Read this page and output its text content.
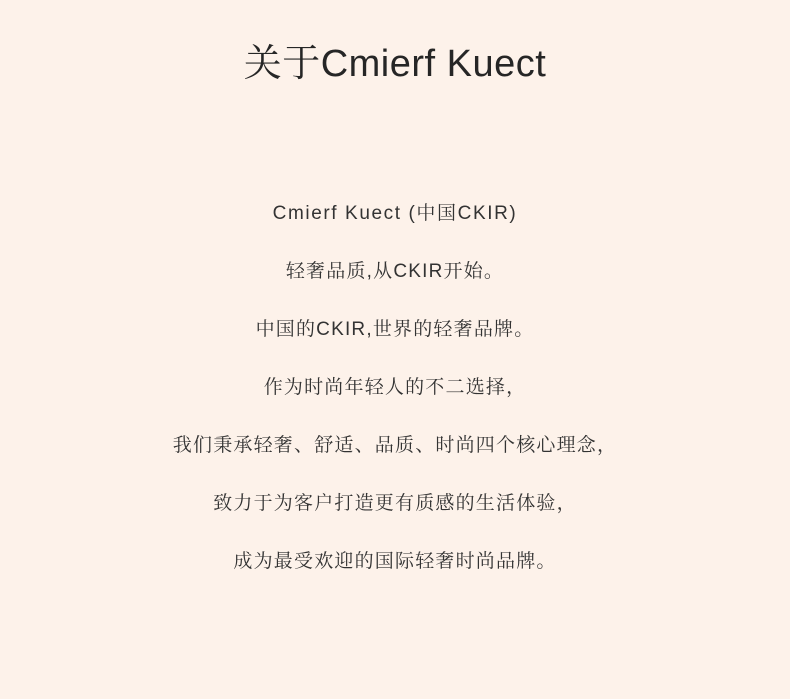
关于Cmierf Kuect
Cmierf Kuect (中国CKIR)
轻奢品质,从CKIR开始。
中国的CKIR,世界的轻奢品牌。
作为时尚年轻人的不二选择，
我们秉承轻奢、舒适、品质、时尚四个核心理念，
致力于为客户打造更有质感的生活体验，
成为最受欢迎的国际轻奢时尚品牌。
